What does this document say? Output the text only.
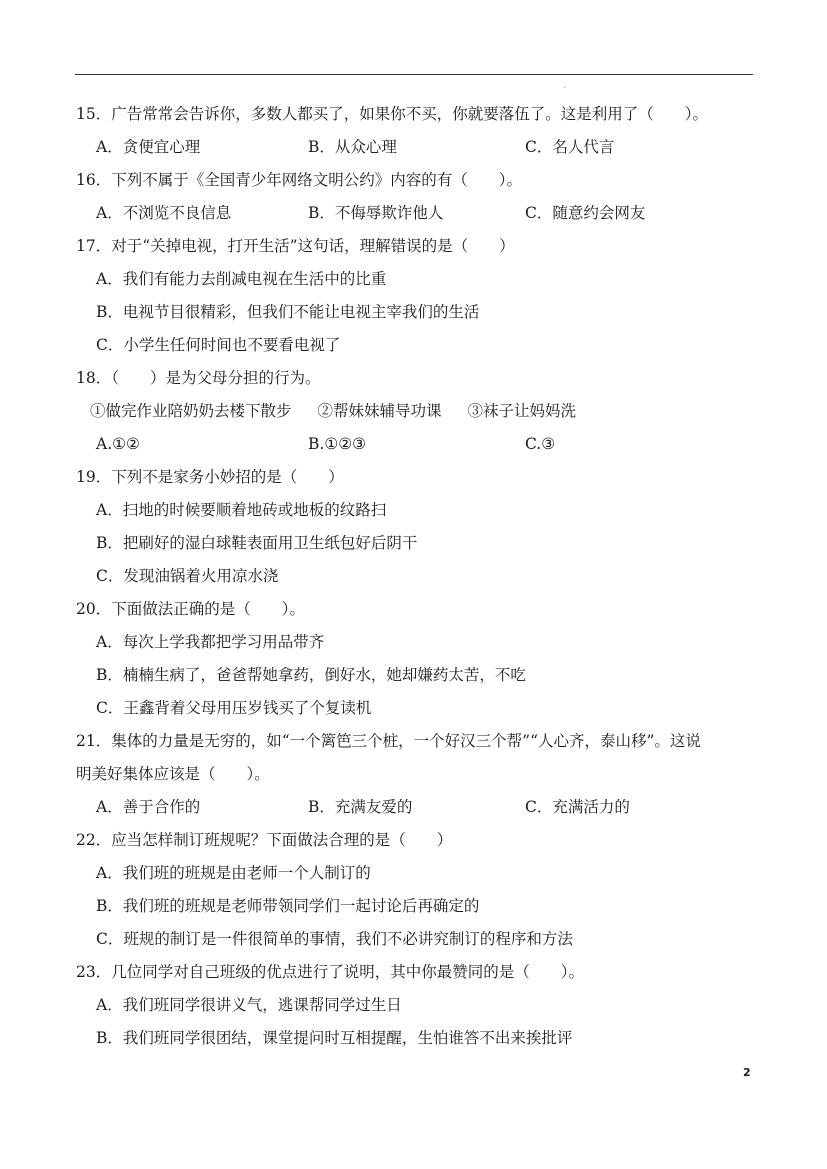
`
15．广告常常会告诉你，多数人都买了，如果你不买，你就要落伍了。这是利用了（　　）。
A．贪便宜心理	B．从众心理	C．名人代言
16．下列不属于《全国青少年网络文明公约》内容的有（　　）。
A．不浏览不良信息	B．不侮辱欺诈他人	C．随意约会网友
17．对于“关掉电视，打开生活”这句话，理解错误的是（　　）
A．我们有能力去削减电视在生活中的比重
B．电视节目很精彩，但我们不能让电视主宰我们的生活
C．小学生任何时间也不要看电视了
18．（　　）是为父母分担的行为。
①做完作业陪奶奶去楼下散步 ②帮妹妹辅导功课 ③袜子让妈妈洗
A.①②	B.①②③	C.③
19．下列不是家务小妙招的是（　　）
A．扫地的时候要顺着地砖或地板的纹路扫
B．把刷好的湿白球鞋表面用卫生纸包好后阴干
C．发现油锅着火用凉水浇
20．下面做法正确的是（　　）。
A．每次上学我都把学习用品带齐
B．楠楠生病了，爸爸帮她拿药，倒好水，她却嫌药太苦，不吃
C．王鑫背着父母用压岁钱买了个复读机
21．集体的力量是无穷的，如“一个篱笆三个桩，一个好汉三个帮”“人心齐，泰山移”。这说
明美好集体应该是（　　）。
A．善于合作的	B．充满友爱的	C．充满活力的
22．应当怎样制订班规呢？下面做法合理的是（　　）
A．我们班的班规是由老师一个人制订的
B．我们班的班规是老师带领同学们一起讨论后再确定的
C．班规的制订是一件很简单的事情，我们不必讲究制订的程序和方法
23．几位同学对自己班级的优点进行了说明，其中你最赞同的是（　　）。
A．我们班同学很讲义气，逃课帮同学过生日
B．我们班同学很团结，课堂提问时互相提醒，生怕谁答不出来挨批评
2
